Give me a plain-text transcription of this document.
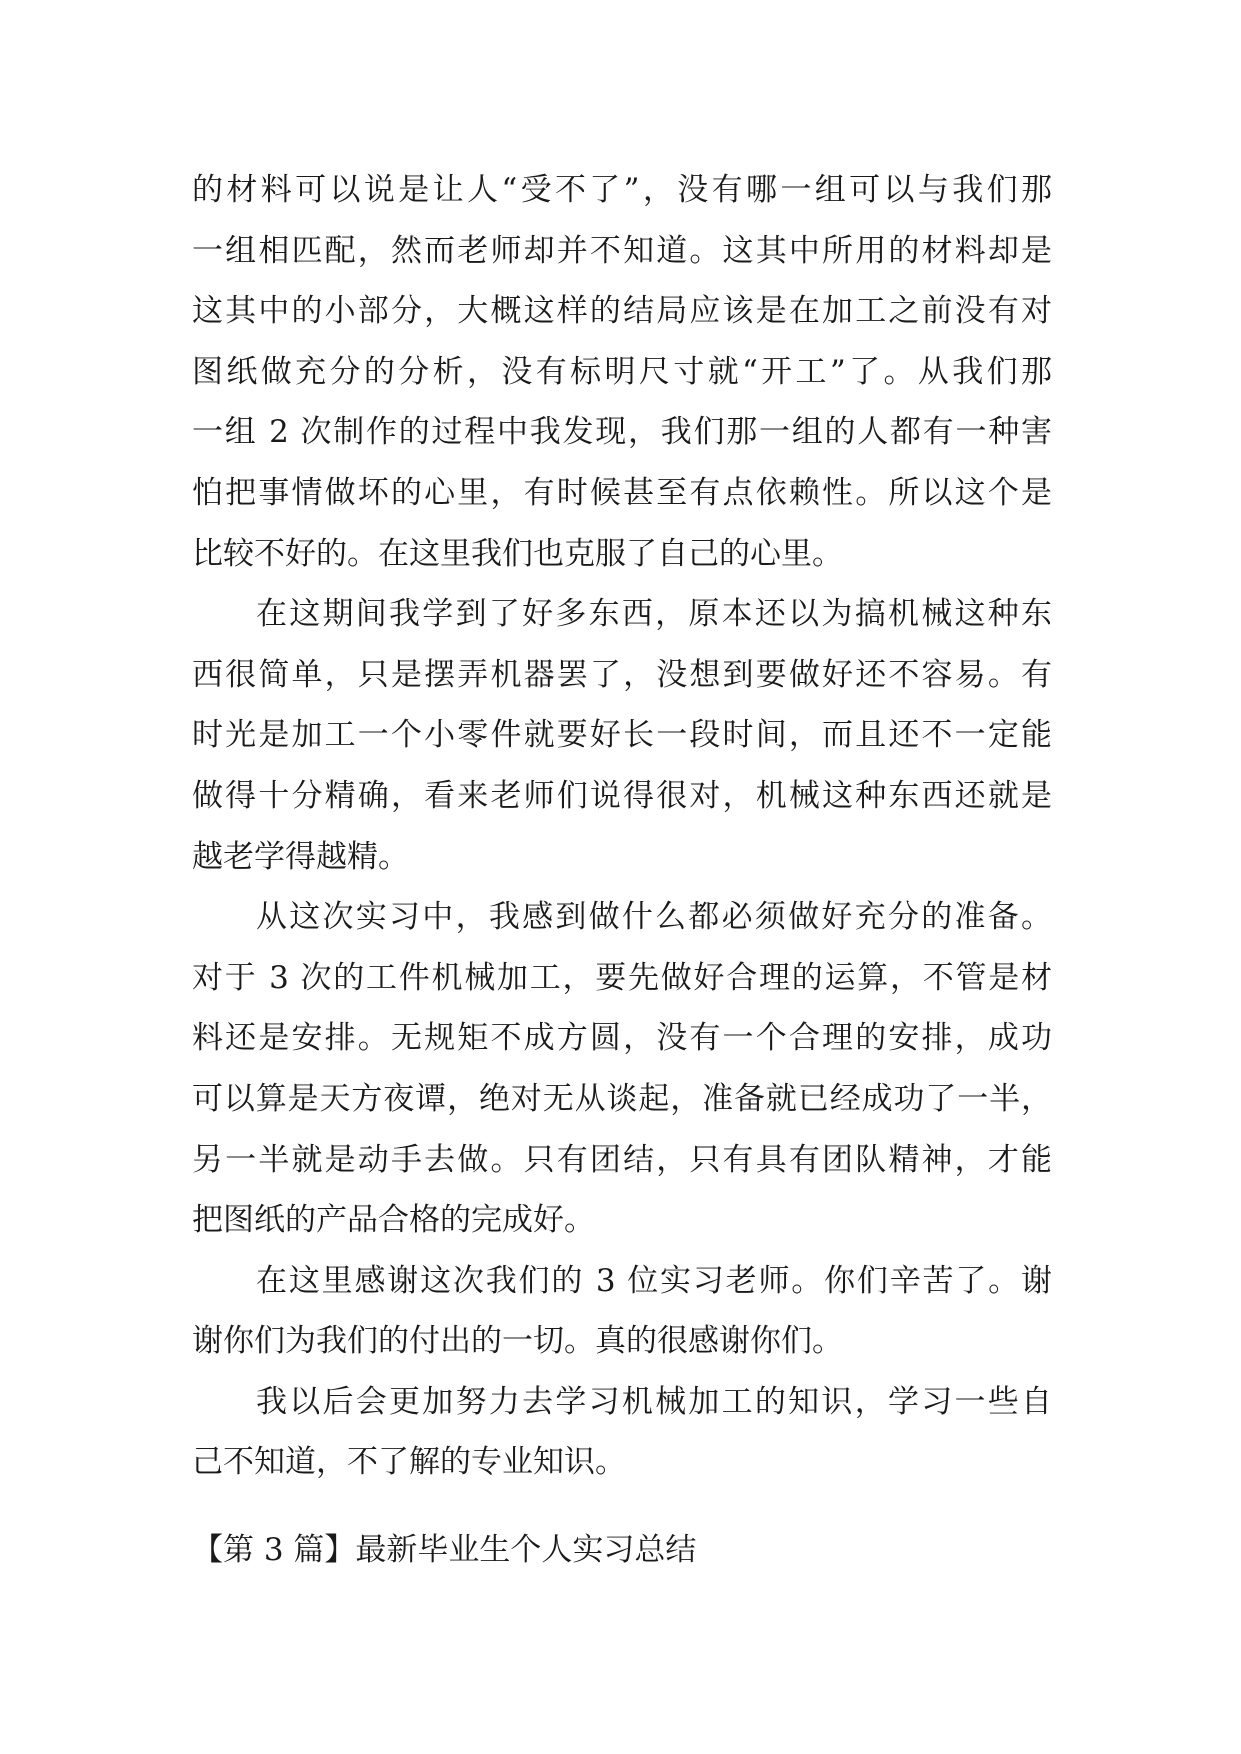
的材料可以说是让人“受不了”，没有哪一组可以与我们那
一组相匹配，然而老师却并不知道。这其中所用的材料却是
这其中的小部分，大概这样的结局应该是在加工之前没有对
图纸做充分的分析，没有标明尺寸就“开工”了。从我们那
一组 2 次制作的过程中我发现，我们那一组的人都有一种害
怕把事情做坏的心里，有时候甚至有点依赖性。所以这个是
比较不好的。在这里我们也克服了自己的心里。
在这期间我学到了好多东西，原本还以为搞机械这种东
西很简单，只是摆弄机器罢了，没想到要做好还不容易。有
时光是加工一个小零件就要好长一段时间，而且还不一定能
做得十分精确，看来老师们说得很对，机械这种东西还就是
越老学得越精。
从这次实习中，我感到做什么都必须做好充分的准备。
对于 3 次的工件机械加工，要先做好合理的运算，不管是材
料还是安排。无规矩不成方圆，没有一个合理的安排，成功
可以算是天方夜谭，绝对无从谈起，准备就已经成功了一半，
另一半就是动手去做。只有团结，只有具有团队精神，才能
把图纸的产品合格的完成好。
在这里感谢这次我们的 3 位实习老师。你们辛苦了。谢
谢你们为我们的付出的一切。真的很感谢你们。
我以后会更加努力去学习机械加工的知识，学习一些自
己不知道，不了解的专业知识。
【第 3 篇】最新毕业生个人实习总结
